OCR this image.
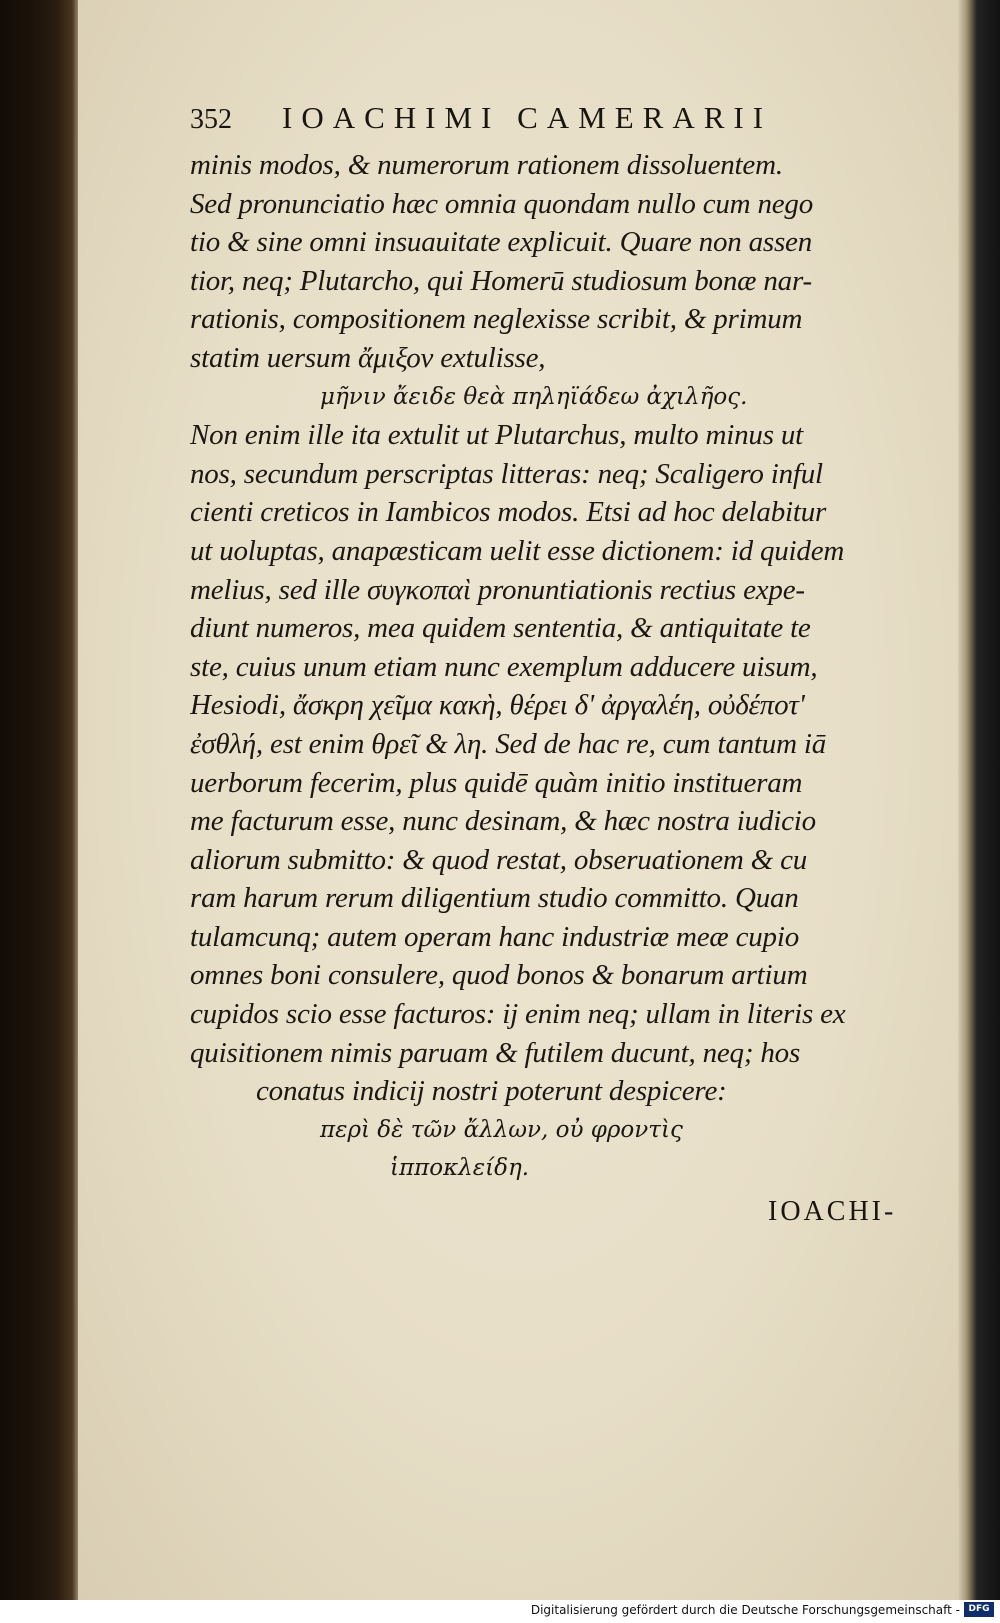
352	IOACHIMI CAMERARII
minis modos, & numerorum rationem dissoluentem.
Sed pronunciatio hæc omnia quondam nullo cum nego
tio & sine omni insuauitate explicuit. Quare non assen
tior, neq; Plutarcho, qui Homerū studiosum bonæ nar-
rationis, compositionem neglexisse scribit, & primum
statim uersum ἄμιξον extulisse,
μῆνιν ἄειδε θεὰ πηληϊάδεω ἀχιλῆος.
Non enim ille ita extulit ut Plutarchus, multo minus ut
nos, secundum perscriptas litteras: neq; Scaligero inful
cienti creticos in Iambicos modos. Etsi ad hoc delabitur
ut uoluptas, anapæsticam uelit esse dictionem: id quidem
melius, sed ille συγκοπαὶ pronuntiationis rectius expe-
diunt numeros, mea quidem sententia, & antiquitate te
ste, cuius unum etiam nunc exemplum adducere uisum,
Hesiodi, ἄσκρη χεῖμα κακὴ, θέρει δ' ἀργαλέη, οὐδέποτ'
ἐσθλή, est enim θρεῖ & λη. Sed de hac re, cum tantum iā
uerborum fecerim, plus quidē quàm initio institueram
me facturum esse, nunc desinam, & hæc nostra iudicio
aliorum submitto: & quod restat, obseruationem & cu
ram harum rerum diligentium studio committo. Quan
tulamcunq; autem operam hanc industriæ meæ cupio
omnes boni consulere, quod bonos & bonarum artium
cupidos scio esse facturos: ij enim neq; ullam in literis ex
quisitionem nimis paruam & futilem ducunt, neq; hos
conatus indicij nostri poterunt despicere:
περὶ δὲ τῶν ἄλλων, οὐ φροντὶς
ἱπποκλείδη.
IOACHI-
Digitalisierung gefördert durch die Deutsche Forschungsgemeinschaft - DFG
